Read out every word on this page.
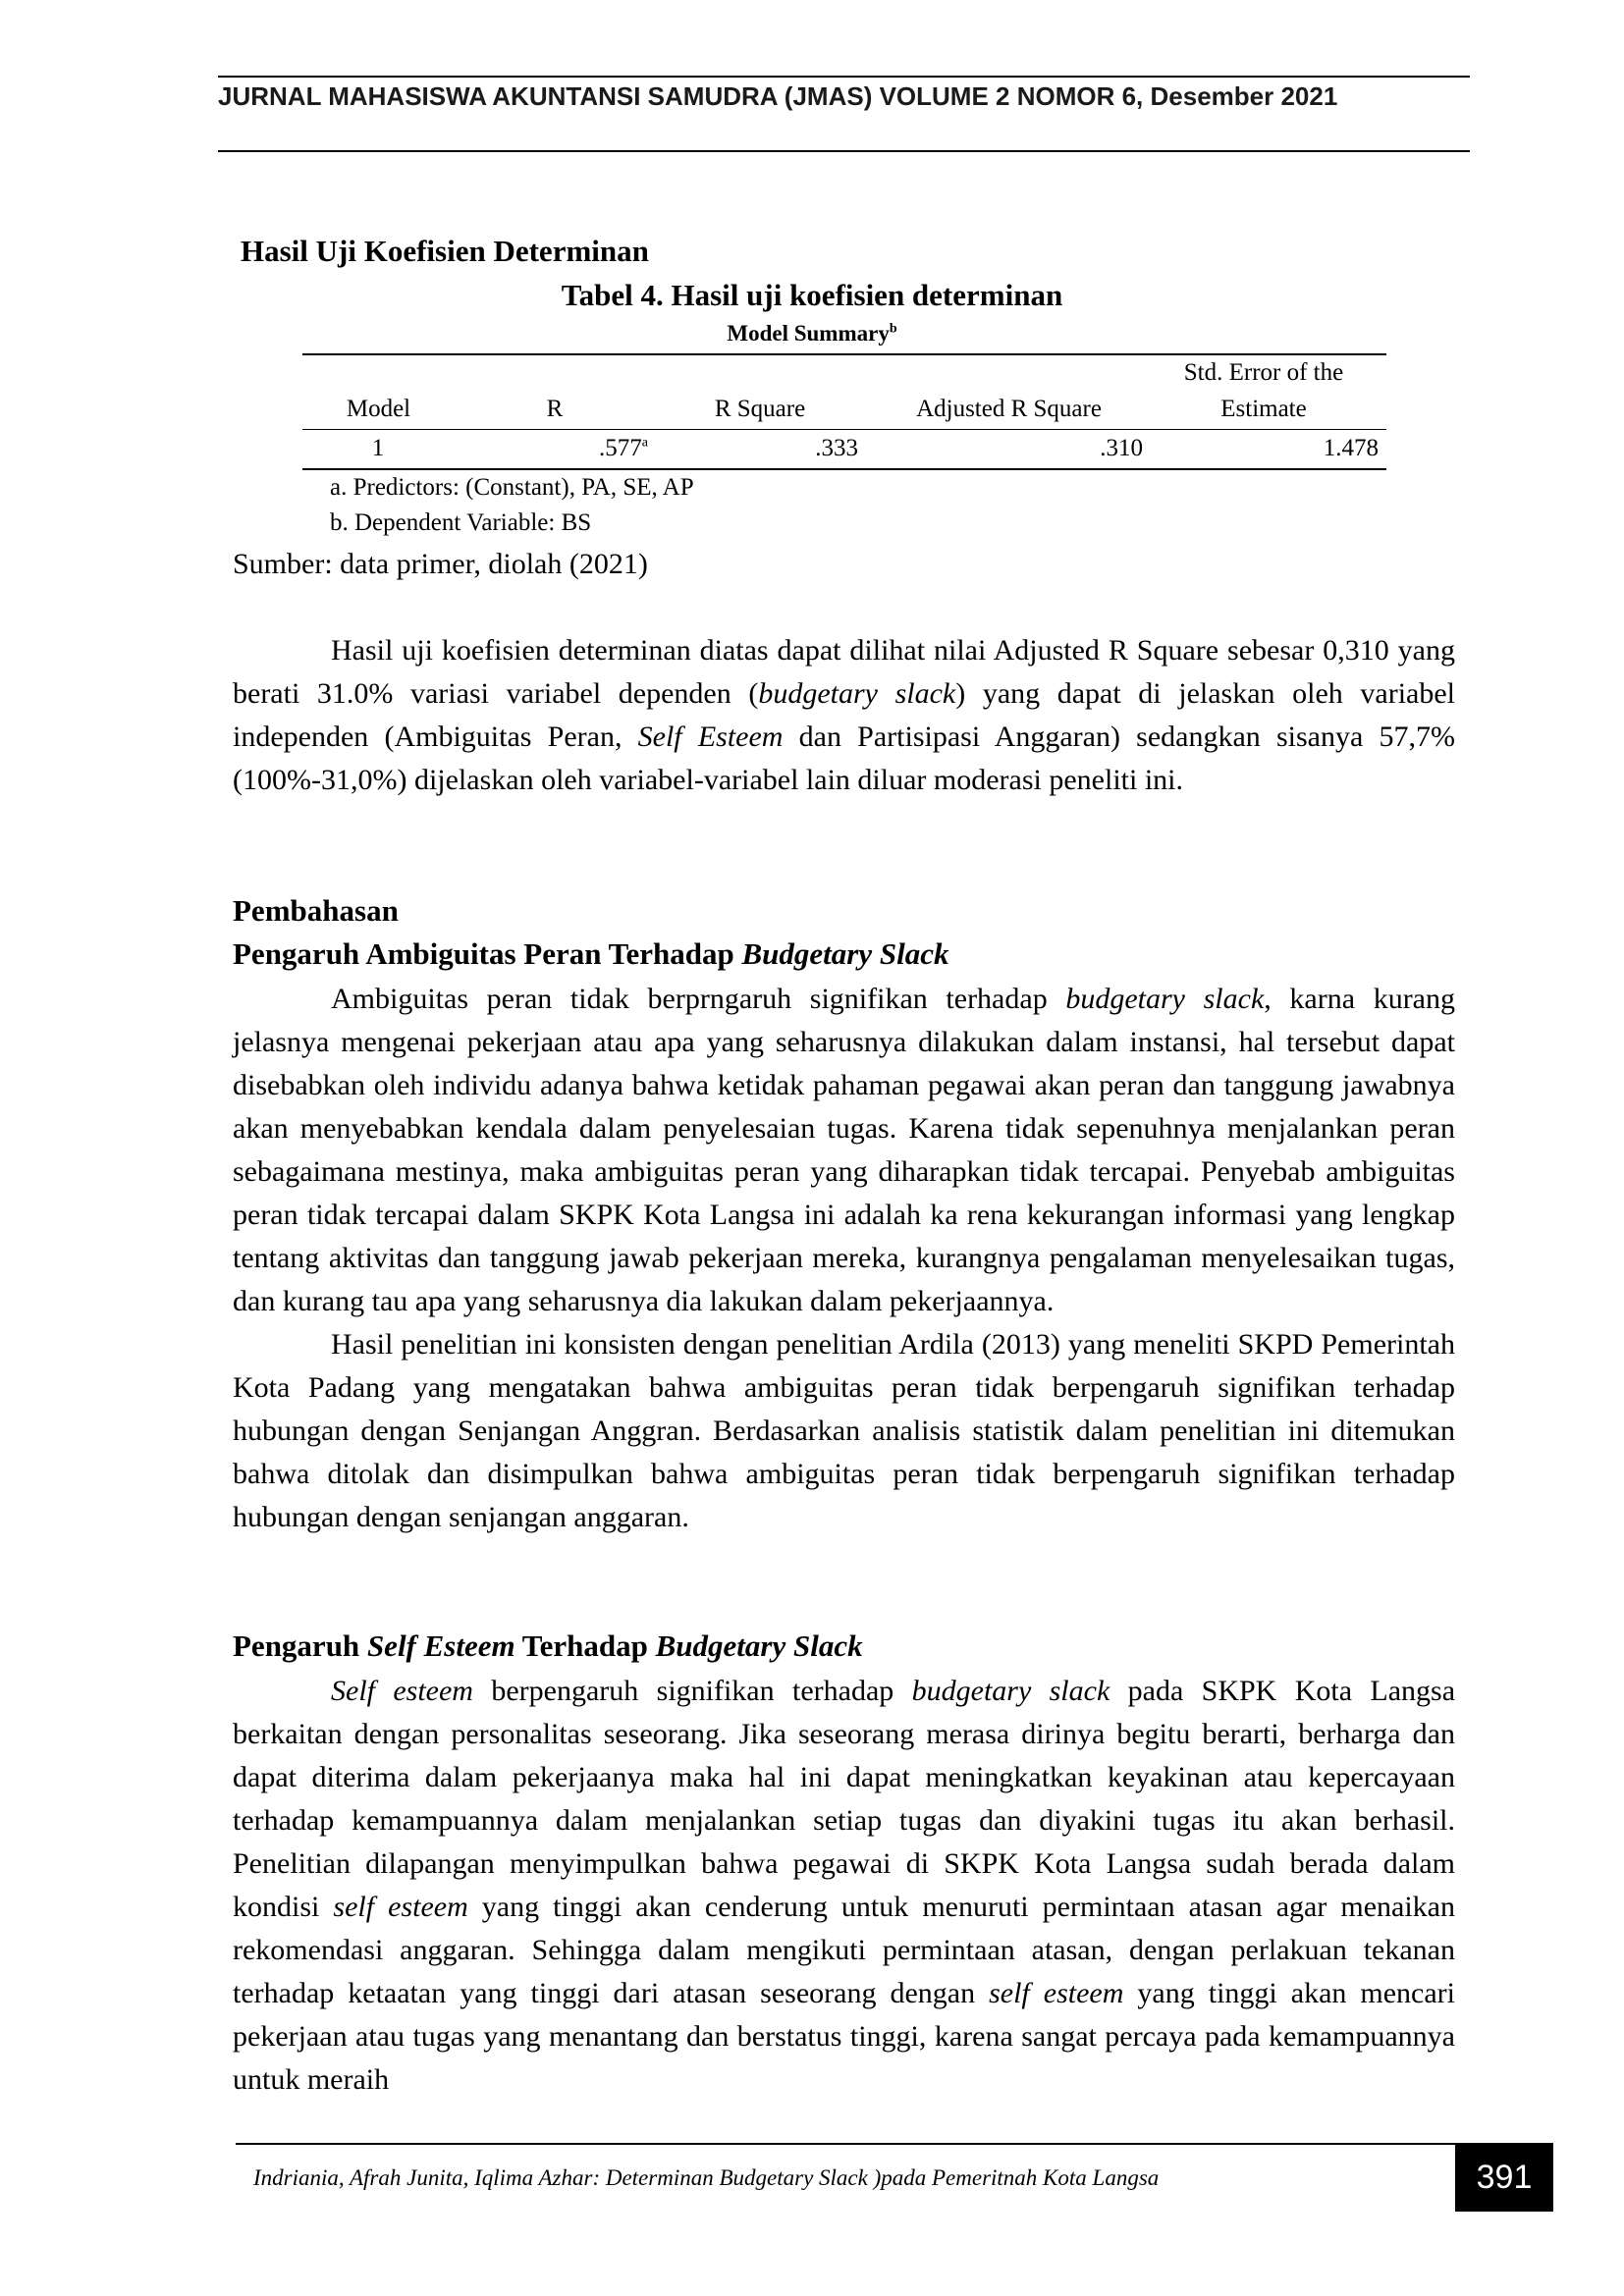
JURNAL MAHASISWA AKUNTANSI SAMUDRA (JMAS) VOLUME 2 NOMOR 6, Desember 2021
Hasil Uji Koefisien Determinan
Tabel 4. Hasil uji koefisien determinan
Model Summary$^b$
Std. Error of the
Model	R	R Square	Adjusted R Square	Estimate
1	.577$^a$	.333	.310	1.478
a. Predictors: (Constant), PA, SE, AP
b. Dependent Variable: BS
Sumber: data primer, diolah (2021)

Hasil uji koefisien determinan diatas dapat dilihat nilai Adjusted R Square sebesar 0,310 yang berati 31.0% variasi variabel dependen (budgetary slack) yang dapat di jelaskan oleh variabel independen (Ambiguitas Peran, Self Esteem dan Partisipasi Anggaran) sedangkan sisanya 57,7% (100%-31,0%) dijelaskan oleh variabel-variabel lain diluar moderasi peneliti ini.

Pembahasan
Pengaruh Ambiguitas Peran Terhadap Budgetary Slack

Ambiguitas peran tidak berprngaruh signifikan terhadap budgetary slack, karna kurang jelasnya mengenai pekerjaan atau apa yang seharusnya dilakukan dalam instansi, hal tersebut dapat disebabkan oleh individu adanya bahwa ketidak pahaman pegawai akan peran dan tanggung jawabnya akan menyebabkan kendala dalam penyelesaian tugas. Karena tidak sepenuhnya menjalankan peran sebagaimana mestinya, maka ambiguitas peran yang diharapkan tidak tercapai. Penyebab ambiguitas peran tidak tercapai dalam SKPK Kota Langsa ini adalah ka rena kekurangan informasi yang lengkap tentang aktivitas dan tanggung jawab pekerjaan mereka, kurangnya pengalaman menyelesaikan tugas, dan kurang tau apa yang seharusnya dia lakukan dalam pekerjaannya.

Hasil penelitian ini konsisten dengan penelitian Ardila (2013) yang meneliti SKPD Pemerintah Kota Padang yang mengatakan bahwa ambiguitas peran tidak berpengaruh signifikan terhadap hubungan dengan Senjangan Anggran. Berdasarkan analisis statistik dalam penelitian ini ditemukan bahwa ditolak dan disimpulkan bahwa ambiguitas peran tidak berpengaruh signifikan terhadap hubungan dengan senjangan anggaran.

Pengaruh Self Esteem Terhadap Budgetary Slack

Self esteem berpengaruh signifikan terhadap budgetary slack pada SKPK Kota Langsa berkaitan dengan personalitas seseorang. Jika seseorang merasa dirinya begitu berarti, berharga dan dapat diterima dalam pekerjaanya maka hal ini dapat meningkatkan keyakinan atau kepercayaan terhadap kemampuannya dalam menjalankan setiap tugas dan diyakini tugas itu akan berhasil. Penelitian dilapangan menyimpulkan bahwa pegawai di SKPK Kota Langsa sudah berada dalam kondisi self esteem yang tinggi akan cenderung untuk menuruti permintaan atasan agar menaikan rekomendasi anggaran. Sehingga dalam mengikuti permintaan atasan, dengan perlakuan tekanan terhadap ketaatan yang tinggi dari atasan seseorang dengan self esteem yang tinggi akan mencari pekerjaan atau tugas yang menantang dan berstatus tinggi, karena sangat percaya pada kemampuannya untuk meraih

Indriania, Afrah Junita, Iqlima Azhar: Determinan Budgetary Slack )pada Pemeritnah Kota Langsa	391
